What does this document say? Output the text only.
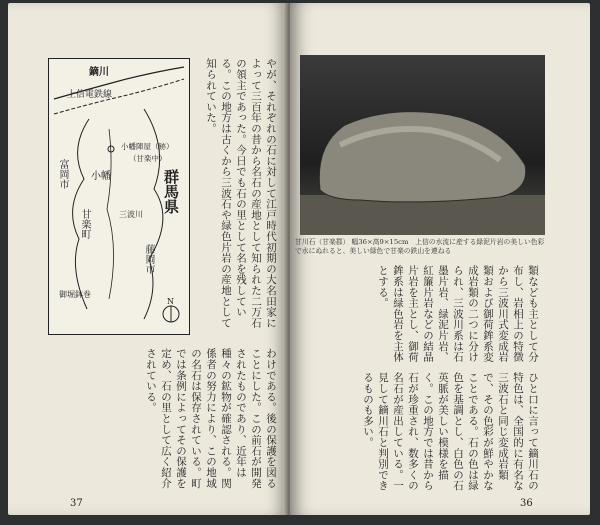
鏑川
上信電鉄線
富岡市
甘楽町
小幡	群馬県
藤岡市
三波川
小幡陣屋（跡）
（甘楽中）
御堀鉢巻
N	やが、それぞれの石に対して江戸時代初期の大名田家によって三百年の昔から名石の産地として知られた二万石の領主であった。今日でも石の里として名を残している。この地方は古くから三波石や緑色片岩の産地として知られていた。
わけである。後の保護を図ることにした。この前石が開発されたものであり、近年は種々の鉱物が確認される。関係者の努力により、この地域の名石は保存されている。町では条例によってその保護を定め、石の里として広く紹介されている。
37
甘川石（甘楽郡） 幅36×高9×15cm　上信の水流に産する緑泥片岩の美しい色彩で水にぬれると、美しい緑色で甘楽の鉄山を連ねる
類なども主として分布し、岩相上の特徴から三波川式変成岩類および御荷鉾系変成岩類の二つに分けられ、三波川系は石墨片岩、緑泥片岩、紅簾片岩などの結晶片岩を主とし、御荷鉾系は緑色岩を主体とする。
ひと口に言って鏑川石の特色は、全国的に有名な三波石と同じ変成岩類で、その色彩が鮮やかなことである。石の色は緑色を基調とし、白色の石英脈が美しい模様を描く。この地方では昔から石が珍重され、数多くの名石が産出している。一見して鏑川石と判別できるものも多い。
36
